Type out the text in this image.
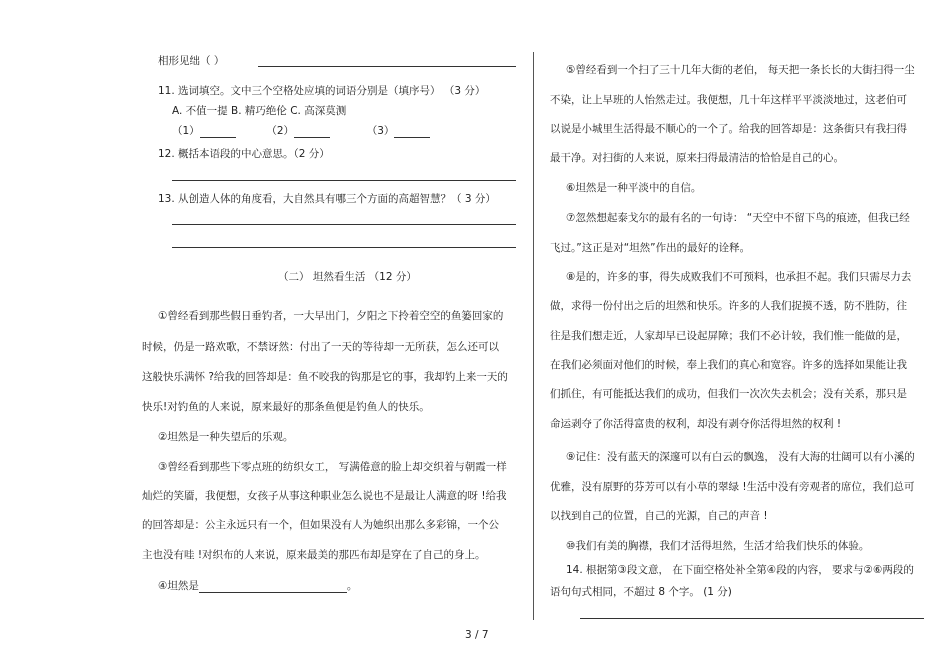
相形见绌（ ）
11. 选词填空。文中三个空格处应填的词语分别是（填序号） （3 分）
A. 不值一提 B. 精巧绝伦 C. 高深莫测
（1）	（2）	（3）
12. 概括本语段的中心意思。（2 分）
13. 从创造人体的角度看，大自然具有哪三个方面的高超智慧？（ 3 分）
（二） 坦然看生活 （12 分）
①曾经看到那些假日垂钓者，一大早出门，夕阳之下拎着空空的鱼篓回家的
时候，仍是一路欢歌，不禁讶然：付出了一天的等待却一无所获，怎么还可以
这般快乐满怀 ?给我的回答却是：鱼不咬我的钩那是它的事，我却钓上来一天的
快乐!对钓鱼的人来说，原来最好的那条鱼便是钓鱼人的快乐。
②坦然是一种失望后的乐观。
③曾经看到那些下零点班的纺织女工， 写满倦意的脸上却交织着与朝霞一样
灿烂的笑靥，我便想，女孩子从事这种职业怎么说也不是最让人满意的呀 !给我
的回答却是：公主永远只有一个，但如果没有人为她织出那么多彩锦，一个公
主也没有哇 !对织布的人来说，原来最美的那匹布却是穿在了自己的身上。
④坦然是	。
⑤曾经看到一个扫了三十几年大街的老伯， 每天把一条长长的大街扫得一尘
不染，让上早班的人怡然走过。我便想，几十年这样平平淡淡地过，这老伯可
以说是小城里生活得最不顺心的一个了。给我的回答却是：这条街只有我扫得
最干净。对扫街的人来说，原来扫得最清洁的恰恰是自己的心。
⑥坦然是一种平淡中的自信。
⑦忽然想起泰戈尔的最有名的一句诗： “天空中不留下鸟的痕迹，但我已经
飞过。”这正是对“坦然”作出的最好的诠释。
⑧是的，许多的事，得失成败我们不可预料，也承担不起。我们只需尽力去
做，求得一份付出之后的坦然和快乐。许多的人我们捉摸不透，防不胜防，往
往是我们想走近，人家却早已设起屏障；我们不必计较，我们惟一能做的是，
在我们必须面对他们的时候，奉上我们的真心和宽容。许多的选择如果能让我
们抓住，有可能抵达我们的成功，但我们一次次失去机会；没有关系，那只是
命运剥夺了你活得富贵的权利，却没有剥夺你活得坦然的权利 !
⑨记住：没有蓝天的深邃可以有白云的飘逸， 没有大海的壮阔可以有小溪的
优雅，没有原野的芬芳可以有小草的翠绿 !生活中没有旁观者的席位，我们总可
以找到自己的位置，自己的光源，自己的声音 !
⑩我们有美的胸襟，我们才活得坦然，生活才给我们快乐的体验。
14. 根据第③段文意， 在下面空格处补全第④段的内容， 要求与②⑥两段的
语句句式相同，不超过 8 个字。 (1 分)
3 / 7
